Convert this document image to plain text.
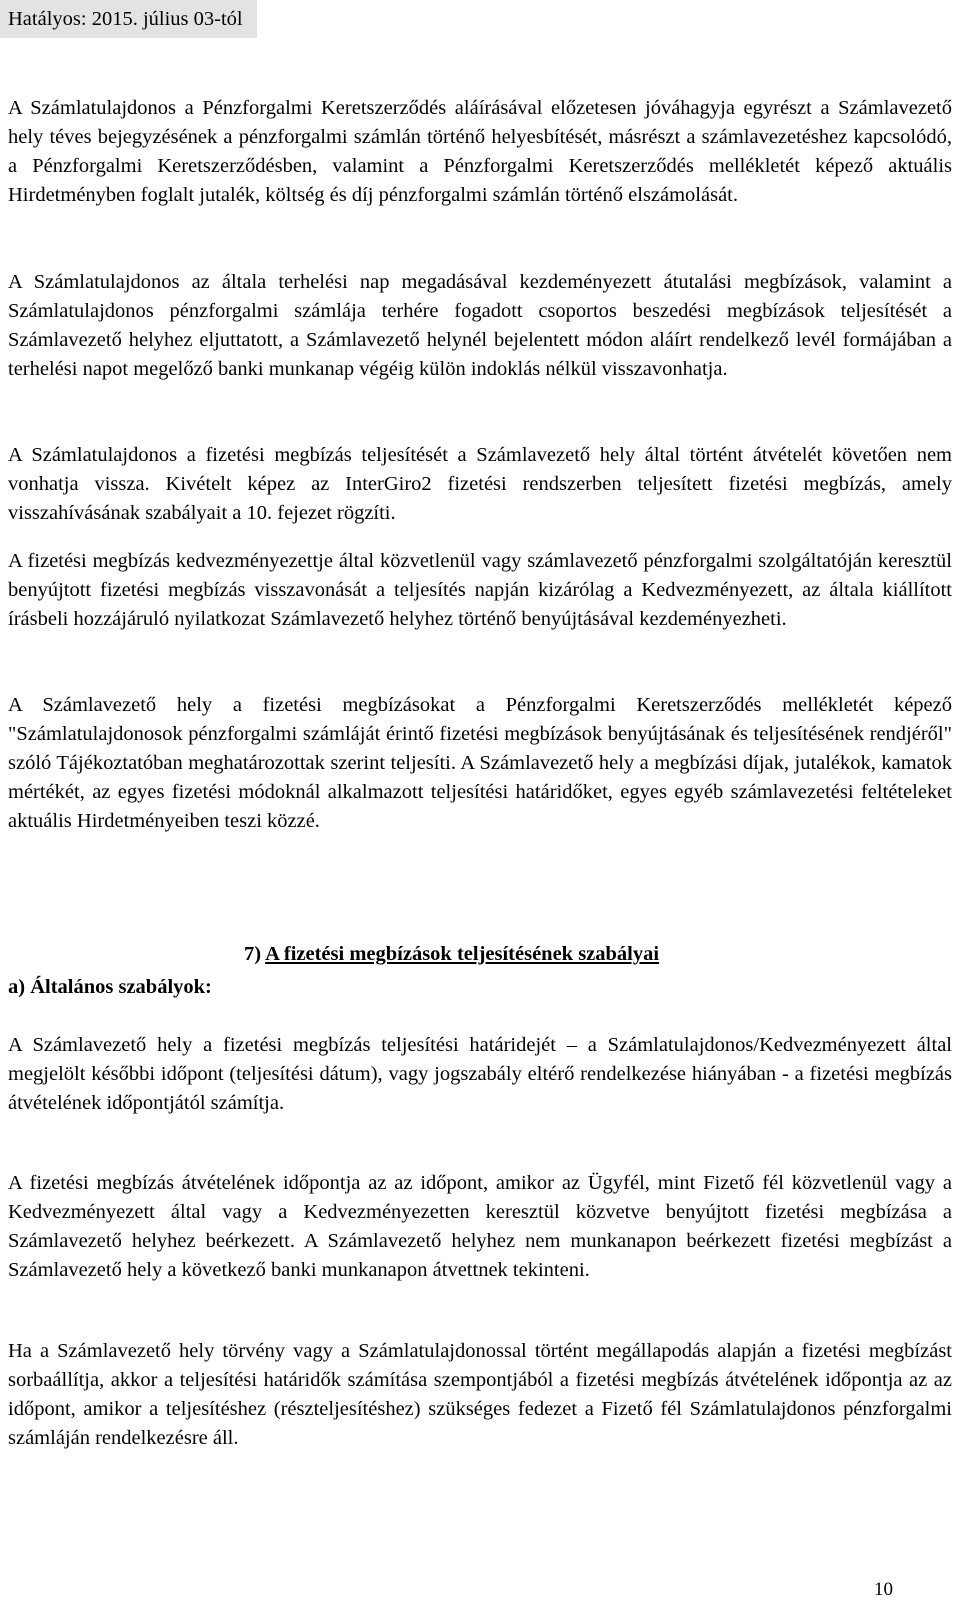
Hatályos: 2015. július 03-tól

A Számlatulajdonos a Pénzforgalmi Keretszerződés aláírásával előzetesen jóváhagyja egyrészt a Számlavezető hely téves bejegyzésének a pénzforgalmi számlán történő helyesbítését, másrészt a számlavezetéshez kapcsolódó, a Pénzforgalmi Keretszerződésben, valamint a Pénzforgalmi Keretszerződés mellékletét képező aktuális Hirdetményben foglalt jutalék, költség és díj pénzforgalmi számlán történő elszámolását.

A Számlatulajdonos az általa terhelési nap megadásával kezdeményezett átutalási megbízások, valamint a Számlatulajdonos pénzforgalmi számlája terhére fogadott csoportos beszedési megbízások teljesítését a Számlavezető helyhez eljuttatott, a Számlavezető helynél bejelentett módon aláírt rendelkező levél formájában a terhelési napot megelőző banki munkanap végéig külön indoklás nélkül visszavonhatja.

A Számlatulajdonos a fizetési megbízás teljesítését a Számlavezető hely által történt átvételét követően nem vonhatja vissza. Kivételt képez az InterGiro2 fizetési rendszerben teljesített fizetési megbízás, amely visszahívásának szabályait a 10. fejezet rögzíti.

A fizetési megbízás kedvezményezettje által közvetlenül vagy számlavezető pénzforgalmi szolgáltatóján keresztül benyújtott fizetési megbízás visszavonását a teljesítés napján kizárólag a Kedvezményezett, az általa kiállított írásbeli hozzájáruló nyilatkozat Számlavezető helyhez történő benyújtásával kezdeményezheti.

A Számlavezető hely a fizetési megbízásokat a Pénzforgalmi Keretszerződés mellékletét képező "Számlatulajdonosok pénzforgalmi számláját érintő fizetési megbízások benyújtásának és teljesítésének rendjéről" szóló Tájékoztatóban meghatározottak szerint teljesíti. A Számlavezető hely a megbízási díjak, jutalékok, kamatok mértékét, az egyes fizetési módoknál alkalmazott teljesítési határidőket, egyes egyéb számlavezetési feltételeket aktuális Hirdetményeiben teszi közzé.

7) A fizetési megbízások teljesítésének szabályai
a) Általános szabályok:

A Számlavezető hely a fizetési megbízás teljesítési határidejét – a Számlatulajdonos/Kedvezményezett által megjelölt későbbi időpont (teljesítési dátum), vagy jogszabály eltérő rendelkezése hiányában - a fizetési megbízás átvételének időpontjától számítja.

A fizetési megbízás átvételének időpontja az az időpont, amikor az Ügyfél, mint Fizető fél közvetlenül vagy a Kedvezményezett által vagy a Kedvezményezetten keresztül közvetve benyújtott fizetési megbízása a Számlavezető helyhez beérkezett. A Számlavezető helyhez nem munkanapon beérkezett fizetési megbízást a Számlavezető hely a következő banki munkanapon átvettnek tekinteni.

Ha a Számlavezető hely törvény vagy a Számlatulajdonossal történt megállapodás alapján a fizetési megbízást sorbaállítja, akkor a teljesítési határidők számítása szempontjából a fizetési megbízás átvételének időpontja az az időpont, amikor a teljesítéshez (részteljesítéshez) szükséges fedezet a Fizető fél Számlatulajdonos pénzforgalmi számláján rendelkezésre áll.

10
